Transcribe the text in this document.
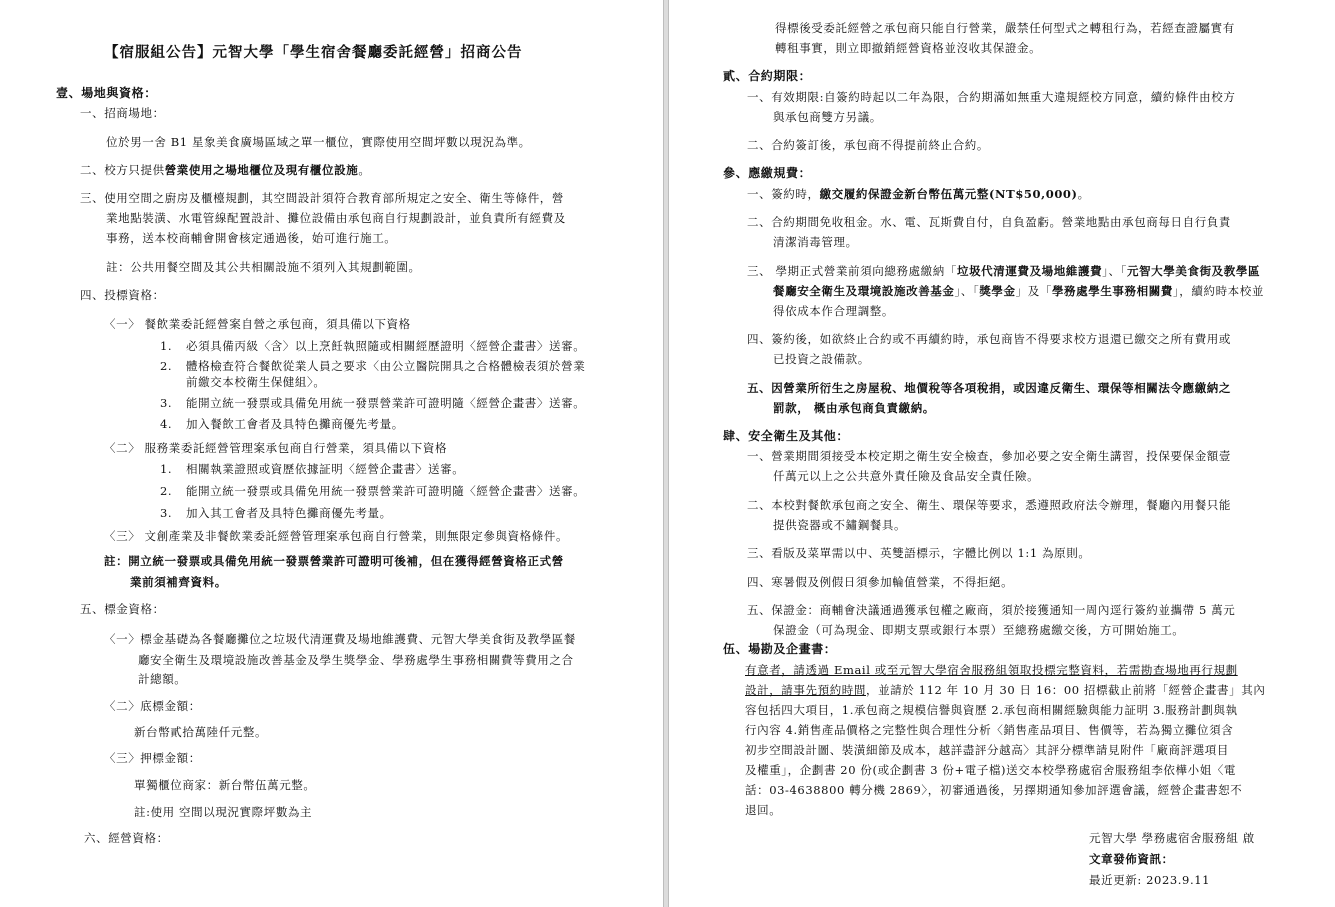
【宿服組公告】元智大學「學生宿舍餐廳委託經營」招商公告
壹、場地與資格：
一、招商場地：
位於男一舍 B1 星象美食廣場區域之單一櫃位，實際使用空間坪數以現況為準。
二、校方只提供營業使用之場地櫃位及現有櫃位設施。
三、使用空間之廚房及櫃檯規劃，其空間設計須符合教育部所規定之安全、衛生等條件，營
業地點裝潢、水電管線配置設計、攤位設備由承包商自行規劃設計，並負責所有經費及
事務，送本校商輔會開會核定通過後，始可進行施工。
註：公共用餐空間及其公共相關設施不須列入其規劃範圍。
四、投標資格：
〈一〉 餐飲業委託經營案自營之承包商，須具備以下資格
1. 必須具備丙級〈含〉以上烹飪執照隨或相關經歷證明〈經營企畫書〉送審。
2. 體格檢查符合餐飲從業人員之要求〈由公立醫院開具之合格體檢表須於營業
前繳交本校衛生保健組〉。
3. 能開立統一發票或具備免用統一發票營業許可證明隨〈經營企畫書〉送審。
4. 加入餐飲工會者及具特色攤商優先考量。
〈二〉 服務業委託經營管理案承包商自行營業，須具備以下資格
1. 相關執業證照或資歷依據証明〈經營企畫書〉送審。
2. 能開立統一發票或具備免用統一發票營業許可證明隨〈經營企畫書〉送審。
3. 加入其工會者及具特色攤商優先考量。
〈三〉 文創產業及非餐飲業委託經營管理案承包商自行營業，則無限定參與資格條件。
註：開立統一發票或具備免用統一發票營業許可證明可後補，但在獲得經營資格正式營
業前須補齊資料。
五、標金資格：
〈一〉標金基礎為各餐廳攤位之垃圾代清運費及場地維護費、元智大學美食街及教學區餐
廳安全衛生及環境設施改善基金及學生獎學金、學務處學生事務相關費等費用之合
計總額。
〈二〉底標金額：
新台幣貳拾萬陸仟元整。
〈三〉押標金額：
單獨櫃位商家：新台幣伍萬元整。
註:使用 空間以現況實際坪數為主
六、經營資格：
得標後受委託經營之承包商只能自行營業，嚴禁任何型式之轉租行為，若經查證屬實有
轉租事實，則立即撤銷經營資格並沒收其保證金。
貳、合約期限：
一、有效期限:自簽約時起以二年為限，合約期滿如無重大違規經校方同意，續約條件由校方
與承包商雙方另議。
二、合約簽訂後，承包商不得提前終止合約。
參、應繳規費：
一、簽約時，繳交履約保證金新台幣伍萬元整(NT$50,000)。
二、合約期間免收租金。水、電、瓦斯費自付，自負盈虧。營業地點由承包商每日自行負責
清潔消毒管理。
三、 學期正式營業前須向總務處繳納「垃圾代清運費及場地維護費」、「元智大學美食街及教學區
餐廳安全衛生及環境設施改善基金」、「獎學金」及「學務處學生事務相關費」，續約時本校並
得依成本作合理調整。
四、簽約後，如欲終止合約或不再續約時，承包商皆不得要求校方退還已繳交之所有費用或
已投資之設備款。
五、因營業所衍生之房屋稅、地價稅等各項稅捐，或因違反衛生、環保等相關法令應繳納之
罰款， 概由承包商負責繳納。
肆、安全衛生及其他：
一、營業期間須接受本校定期之衛生安全檢查，參加必要之安全衛生講習，投保要保金額壹
仟萬元以上之公共意外責任險及食品安全責任險。
二、本校對餐飲承包商之安全、衛生、環保等要求，悉遵照政府法令辦理，餐廳內用餐只能
提供瓷器或不鏽鋼餐具。
三、看版及菜單需以中、英雙語標示，字體比例以 1:1 為原則。
四、寒暑假及例假日須參加輪值營業，不得拒絕。
五、保證金：商輔會決議通過獲承包權之廠商，須於接獲通知一周內逕行簽約並攜帶 5 萬元
保證金（可為現金、即期支票或銀行本票）至總務處繳交後，方可開始施工。
伍、場勘及企畫書：
有意者，請透過 Email 或至元智大學宿舍服務組領取投標完整資料，若需勘查場地再行規劃
設計，請事先預約時間，並請於 112 年 10 月 30 日 16：00 招標截止前將「經營企畫書」其內
容包括四大項目，1.承包商之規模信譽與資歷 2.承包商相關經驗與能力証明 3.服務計劃與執
行內容 4.銷售產品價格之完整性與合理性分析〈銷售產品項目、售價等，若為獨立攤位須含
初步空間設計圖、裝潢細節及成本，越詳盡評分越高〉其評分標準請見附件「廠商評選項目
及權重」，企劃書 20 份(或企劃書 3 份+電子檔)送交本校學務處宿舍服務組李依樺小姐〈電
話：03-4638800 轉分機 2869〉，初審通過後，另擇期通知參加評選會議，經營企畫書恕不
退回。
元智大學 學務處宿舍服務組 啟
文章發佈資訊：
最近更新: 2023.9.11
